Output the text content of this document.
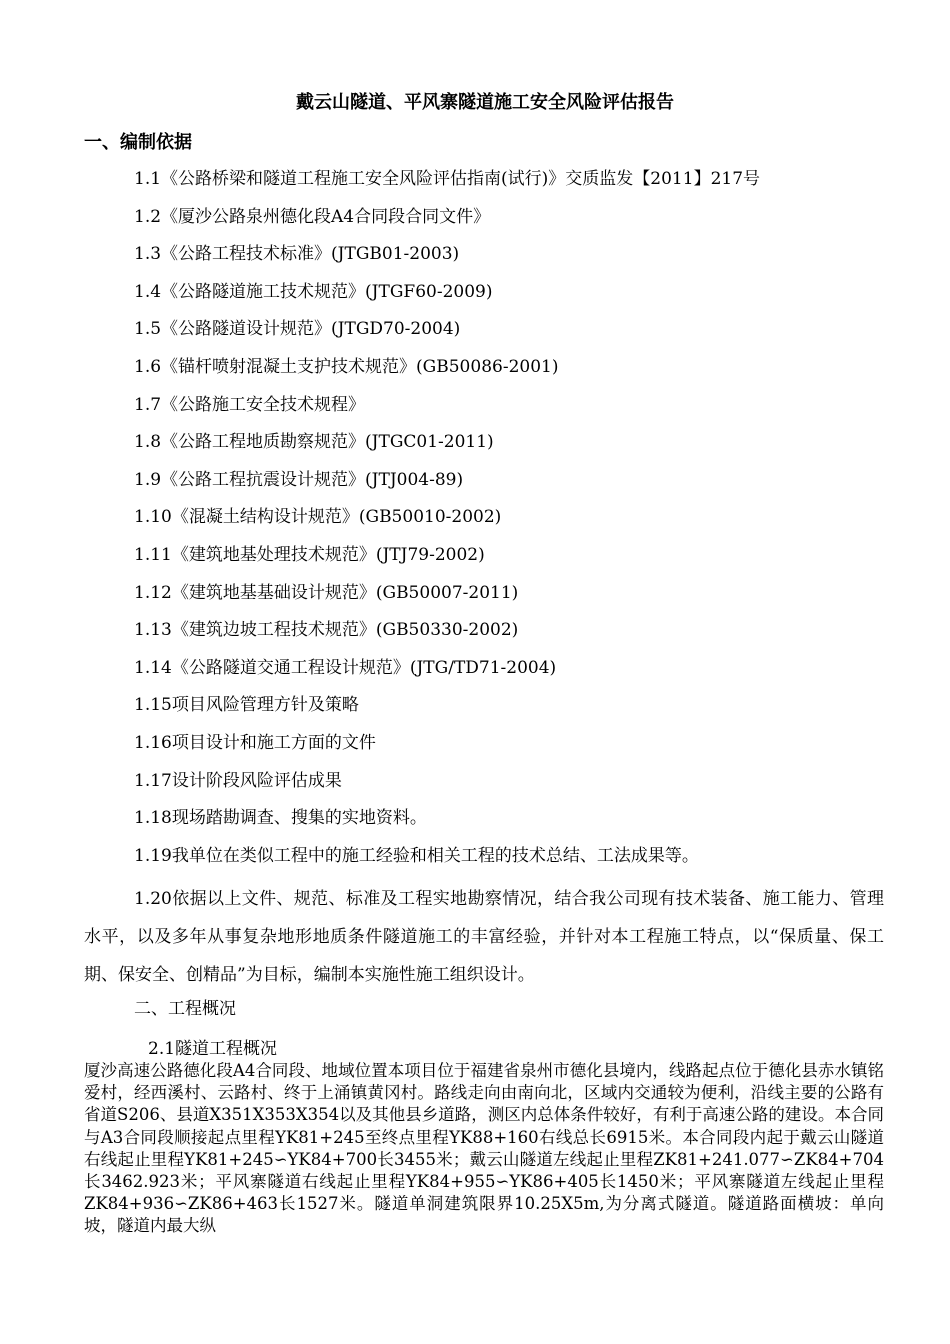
戴云山隧道、平风寨隧道施工安全风险评估报告
一、编制依据
1.1《公路桥梁和隧道工程施工安全风险评估指南(试行)》交质监发【2011】217号
1.2《厦沙公路泉州德化段A4合同段合同文件》
1.3《公路工程技术标准》(JTGB01-2003)
1.4《公路隧道施工技术规范》(JTGF60-2009)
1.5《公路隧道设计规范》(JTGD70-2004)
1.6《锚杆喷射混凝土支护技术规范》(GB50086-2001)
1.7《公路施工安全技术规程》
1.8《公路工程地质勘察规范》(JTGC01-2011)
1.9《公路工程抗震设计规范》(JTJ004-89)
1.10《混凝土结构设计规范》(GB50010-2002)
1.11《建筑地基处理技术规范》(JTJ79-2002)
1.12《建筑地基基础设计规范》(GB50007-2011)
1.13《建筑边坡工程技术规范》(GB50330-2002)
1.14《公路隧道交通工程设计规范》(JTG/TD71-2004)
1.15项目风险管理方针及策略
1.16项目设计和施工方面的文件
1.17设计阶段风险评估成果
1.18现场踏勘调查、搜集的实地资料。
1.19我单位在类似工程中的施工经验和相关工程的技术总结、工法成果等。
1.20依据以上文件、规范、标准及工程实地勘察情况，结合我公司现有技术装备、施工能力、管理水平，以及多年从事复杂地形地质条件隧道施工的丰富经验，并针对本工程施工特点，以“保质量、保工期、保安全、创精品”为目标，编制本实施性施工组织设计。
二、工程概况
2.1隧道工程概况
厦沙高速公路德化段A4合同段、地域位置本项目位于福建省泉州市德化县境内，线路起点位于德化县赤水镇铭爱村，经西溪村、云路村、终于上涌镇黄冈村。路线走向由南向北，区域内交通较为便利，沿线主要的公路有省道S206、县道X351X353X354以及其他县乡道路，测区内总体条件较好，有利于高速公路的建设。本合同与A3合同段顺接起点里程YK81+245至终点里程YK88+160右线总长6915米。本合同段内起于戴云山隧道右线起止里程YK81+245∽YK84+700长3455米；戴云山隧道左线起止里程ZK81+241.077∽ZK84+704长3462.923米；平风寨隧道右线起止里程YK84+955∽YK86+405长1450米；平风寨隧道左线起止里程ZK84+936∽ZK86+463长1527米。隧道单洞建筑限界10.25X5m,为分离式隧道。隧道路面横坡：单向坡，隧道内最大纵
